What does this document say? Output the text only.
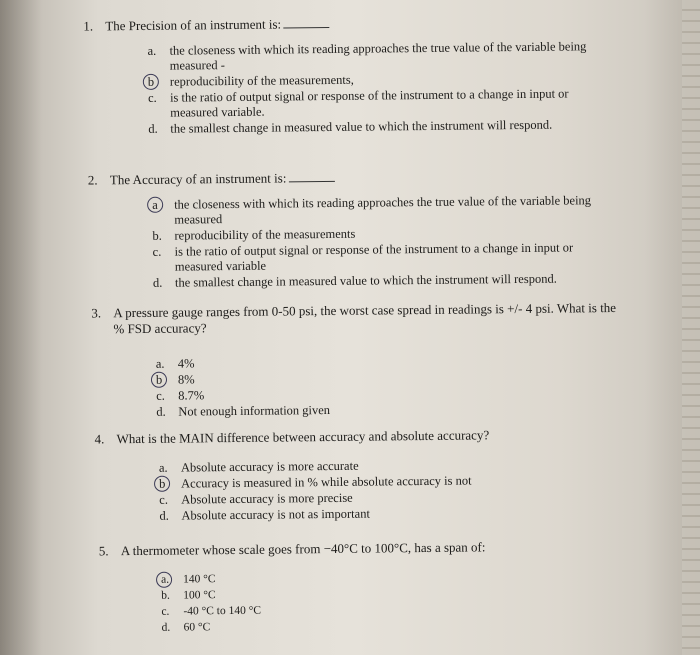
1. The Precision of an instrument is:
a.	the closeness with which its reading approaches the true value of the variable being measured -
b	reproducibility of the measurements,
c.	is the ratio of output signal or response of the instrument to a change in input or measured variable.
d. the smallest change in measured value to which the instrument will respond.
2. The Accuracy of an instrument is:
a	the closeness with which its reading approaches the true value of the variable being measured
b. reproducibility of the measurements
c.	is the ratio of output signal or response of the instrument to a change in input or measured variable
d. the smallest change in measured value to which the instrument will respond.
3. A pressure gauge ranges from 0-50 psi, the worst case spread in readings is +/- 4 psi. What is the % FSD accuracy?
a.	4%
b	8%
c.	8.7%
d. Not enough information given
4. What is the MAIN difference between accuracy and absolute accuracy?
a.	Absolute accuracy is more accurate
b	Accuracy is measured in % while absolute accuracy is not
c.	Absolute accuracy is more precise
d. Absolute accuracy is not as important
5. A thermometer whose scale goes from −40°C to 100°C, has a span of:
a.	140 °C
b.	100 °C
c.	-40 °C to 140 °C
d.	60 °C
